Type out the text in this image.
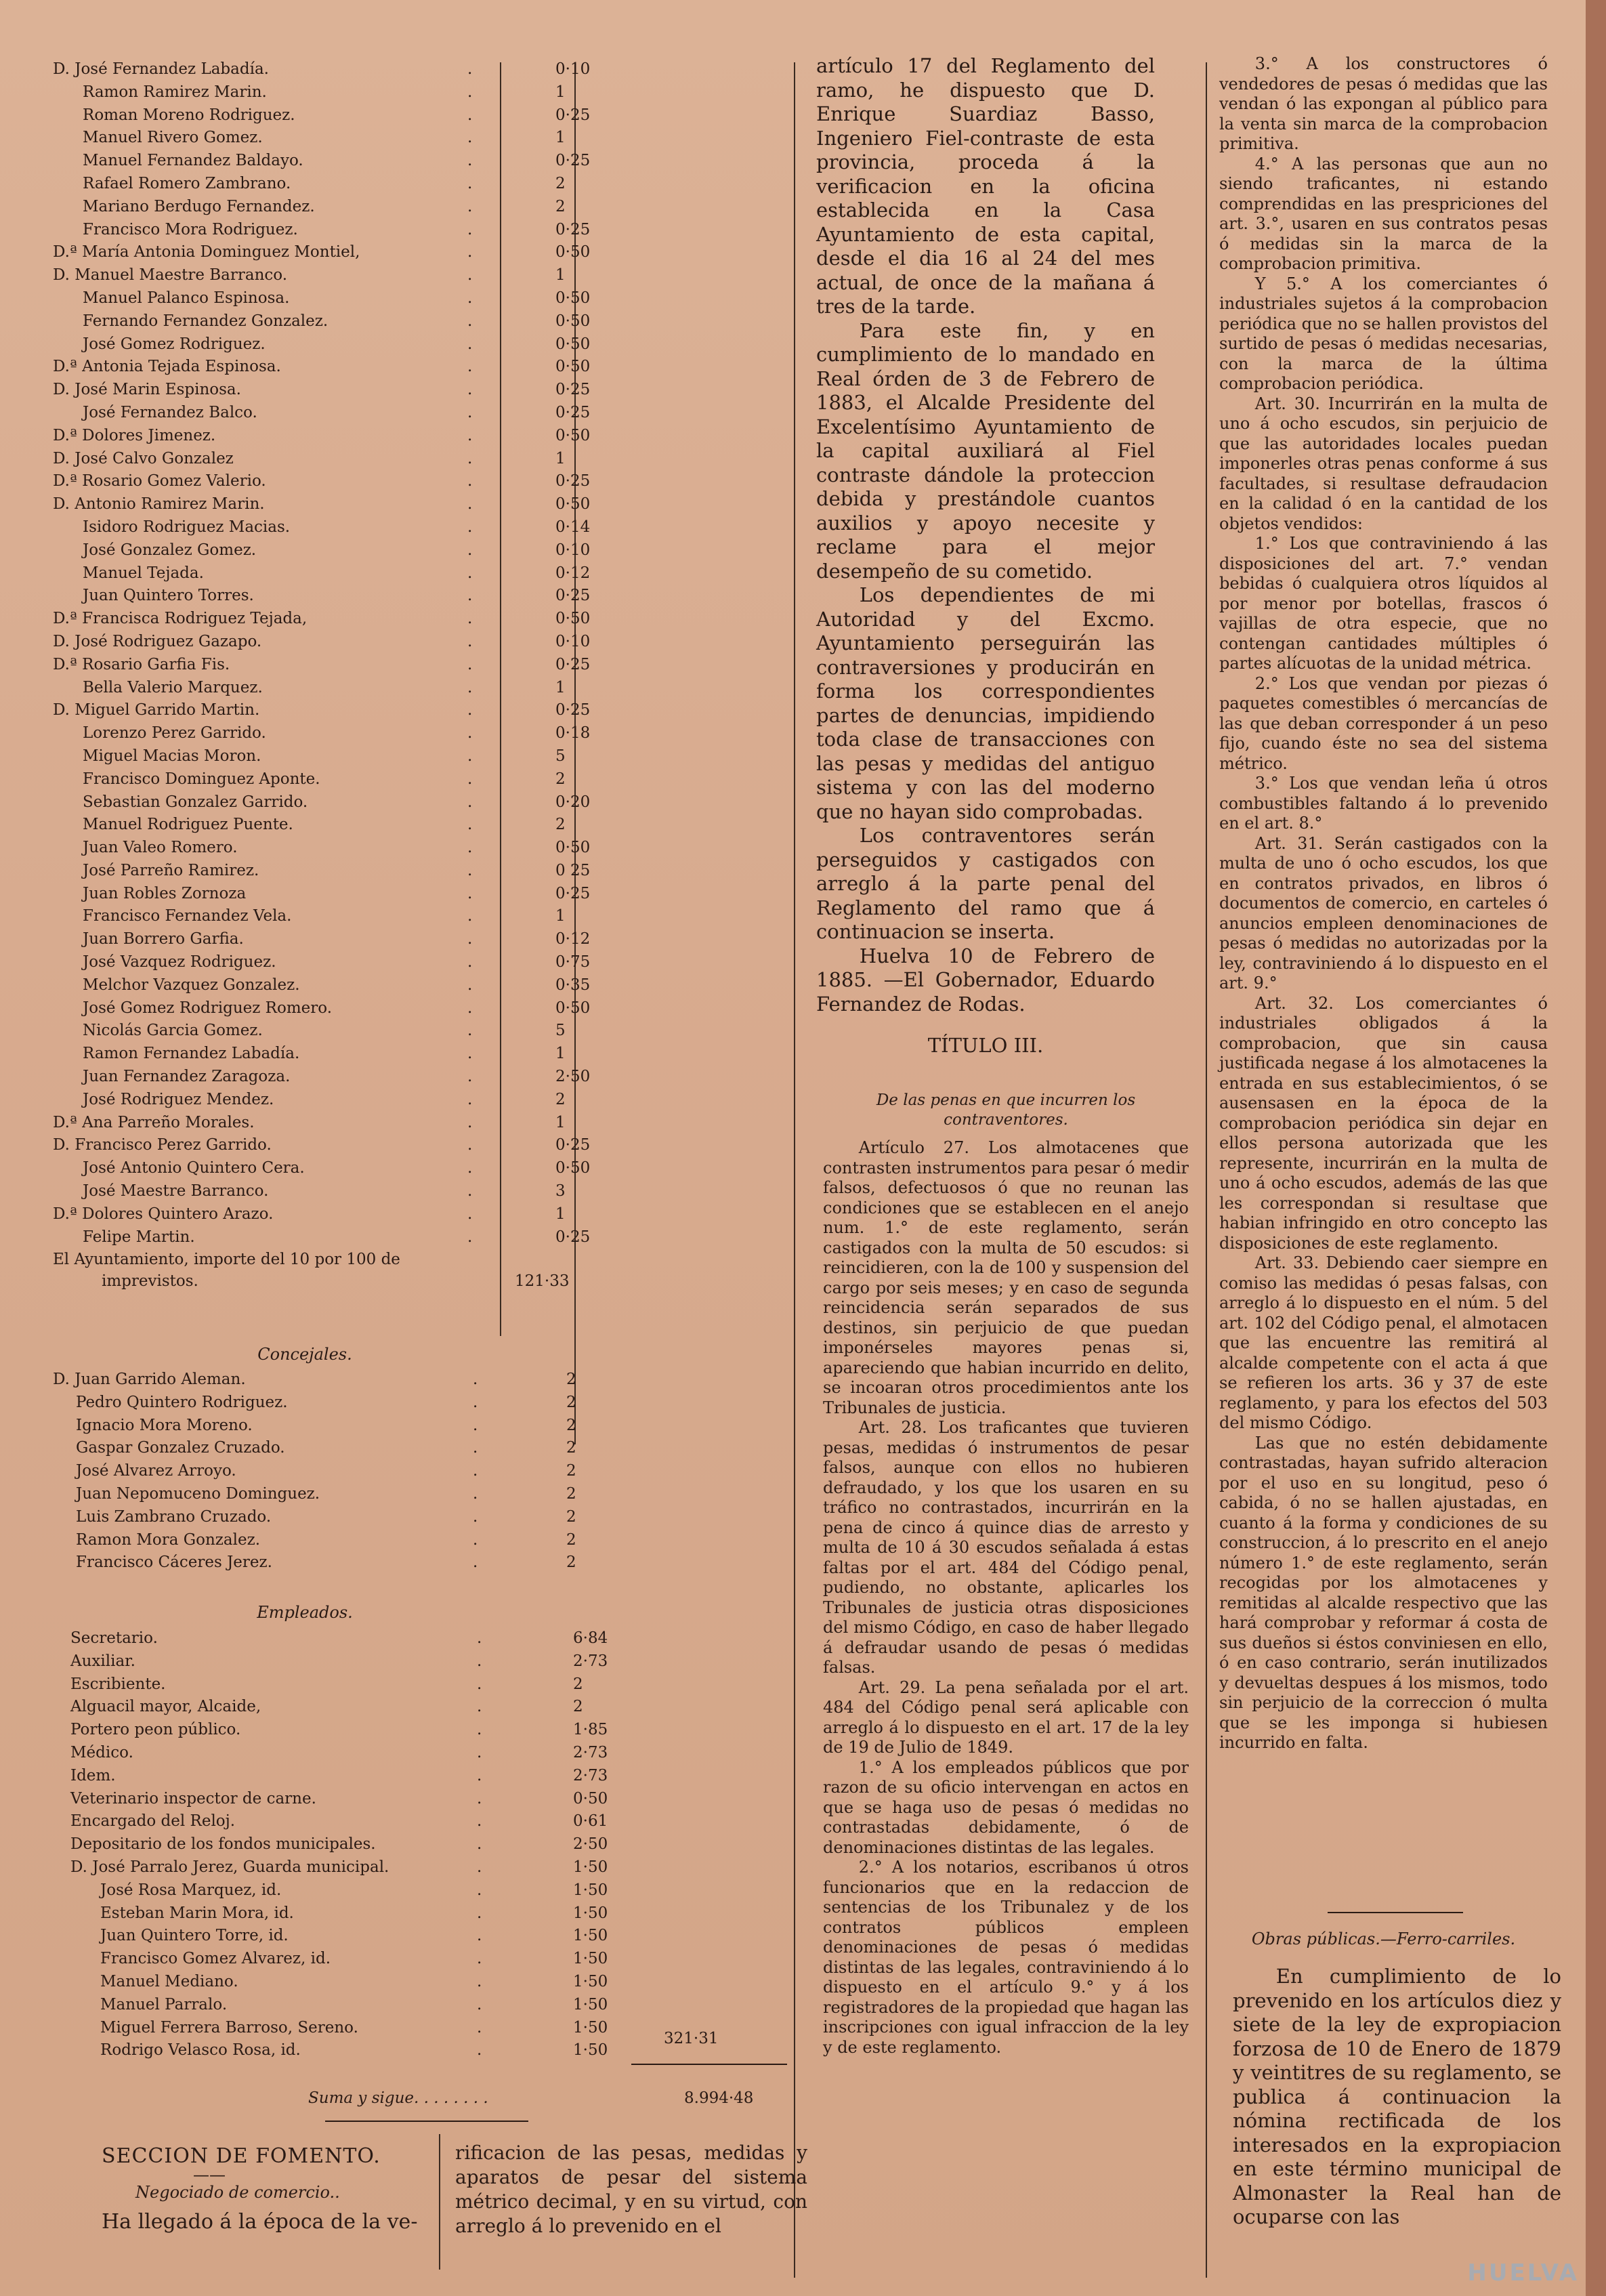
D. José Fernandez Labadía.	.	0·10
Ramon Ramirez Marin.	.	1
Roman Moreno Rodriguez.	.	0·25
Manuel Rivero Gomez.	.	1
Manuel Fernandez Baldayo.	.	0·25
Rafael Romero Zambrano.	.	2
Mariano Berdugo Fernandez.	.	2
Francisco Mora Rodriguez.	.	0·25
D.ª María Antonia Dominguez Montiel,	.	0·50
D. Manuel Maestre Barranco.	.	1
Manuel Palanco Espinosa.	.	0·50
Fernando Fernandez Gonzalez.	.	0·50
José Gomez Rodriguez.	.	0·50
D.ª Antonia Tejada Espinosa.	.	0·50
D. José Marin Espinosa.	.	0·25
José Fernandez Balco.	.	0·25
D.ª Dolores Jimenez.	.	0·50
D. José Calvo Gonzalez	.	1
D.ª Rosario Gomez Valerio.	.	0·25
D. Antonio Ramirez Marin.	.	0·50
Isidoro Rodriguez Macias.	.	0·14
José Gonzalez Gomez.	.	0·10
Manuel Tejada.	.	0·12
Juan Quintero Torres.	.	0·25
D.ª Francisca Rodriguez Tejada,	.	0·50
D. José Rodriguez Gazapo.	.	0·10
D.ª Rosario Garfia Fis.	.	0·25
Bella Valerio Marquez.	.	1
D. Miguel Garrido Martin.	.	0·25
Lorenzo Perez Garrido.	.	0·18
Miguel Macias Moron.	.	5
Francisco Dominguez Aponte.	.	2
Sebastian Gonzalez Garrido.	.	0·20
Manuel Rodriguez Puente.	.	2
Juan Valeo Romero.	.	0·50
José Parreño Ramirez.	.	0 25
Juan Robles Zornoza	.	0·25
Francisco Fernandez Vela.	.	1
Juan Borrero Garfia.	.	0·12
José Vazquez Rodriguez.	.	0·75
Melchor Vazquez Gonzalez.	.	0·35
José Gomez Rodriguez Romero.	.	0·50
Nicolás Garcia Gomez.	.	5
Ramon Fernandez Labadía.	.	1
Juan Fernandez Zaragoza.	.	2·50
José Rodriguez Mendez.	.	2
D.ª Ana Parreño Morales.	.	1
D. Francisco Perez Garrido.	.	0·25
José Antonio Quintero Cera.	.	0·50
José Maestre Barranco.	.	3
D.ª Dolores Quintero Arazo.	.	1
Felipe Martin.	.	0·25
El Ayuntamiento, importe del 10 por 100 de
imprevistos.	121·33
Concejales.
D. Juan Garrido Aleman.	.	2
Pedro Quintero Rodriguez.	.	2
Ignacio Mora Moreno.	.	2
Gaspar Gonzalez Cruzado.	.	2
José Alvarez Arroyo.	.	2
Juan Nepomuceno Dominguez.	.	2
Luis Zambrano Cruzado.	.	2
Ramon Mora Gonzalez.	.	2
Francisco Cáceres Jerez.	.	2
Empleados.
Secretario.	.	6·84
Auxiliar.	.	2·73
Escribiente.	.	2
Alguacil mayor, Alcaide,	.	2
Portero peon público.	.	1·85
Médico.	.	2·73
Idem.	.	2·73
Veterinario inspector de carne.	.	0·50
Encargado del Reloj.	.	0·61
Depositario de los fondos municipales.	.	2·50
D. José Parralo Jerez, Guarda municipal.	.	1·50
José Rosa Marquez, id.	.	1·50
Esteban Marin Mora, id.	.	1·50
Juan Quintero Torre, id.	.	1·50
Francisco Gomez Alvarez, id.	.	1·50
Manuel Mediano.	.	1·50
Manuel Parralo.	.	1·50
Miguel Ferrera Barroso, Sereno.	.	1·50
Rodrigo Velasco Rosa, id.	.	1·50
321·31
Suma y sigue. . . . . . . .	8.994·48
SECCION DE FOMENTO.
——
Negociado de comercio..
Ha llegado á la época de la ve-
rificacion de las pesas, medidas y aparatos de pesar del sistema métrico decimal, y en su virtud, con arreglo á lo prevenido en el

artículo 17 del Reglamento del ramo, he dispuesto que D. Enrique Suardiaz Basso, Ingeniero Fiel-contraste de esta provincia, proceda á la verificacion en la oficina establecida en la Casa Ayuntamiento de esta capital, desde el dia 16 al 24 del mes actual, de once de la mañana á tres de la tarde.

Para este fin, y en cumplimiento de lo mandado en Real órden de 3 de Febrero de 1883, el Alcalde Presidente del Excelentísimo Ayuntamiento de la capital auxiliará al Fiel contraste dándole la proteccion debida y prestándole cuantos auxilios y apoyo necesite y reclame para el mejor desempeño de su cometido.

Los dependientes de mi Autoridad y del Excmo. Ayuntamiento perseguirán las contraversiones y producirán en forma los correspondientes partes de denuncias, impidiendo toda clase de transacciones con las pesas y medidas del antiguo sistema y con las del moderno que no hayan sido comprobadas.

Los contraventores serán perseguidos y castigados con arreglo á la parte penal del Reglamento del ramo que á continuacion se inserta.

Huelva 10 de Febrero de 1885. —El Gobernador, Eduardo Fernandez de Rodas.

TÍTULO III.

De las penas en que incurren los contraventores.

Artículo 27. Los almotacenes que contrasten instrumentos para pesar ó medir falsos, defectuosos ó que no reunan las condiciones que se establecen en el anejo num. 1.° de este reglamento, serán castigados con la multa de 50 escudos: si reincidieren, con la de 100 y suspension del cargo por seis meses; y en caso de segunda reincidencia serán separados de sus destinos, sin perjuicio de que puedan imponérseles mayores penas si, apareciendo que habian incurrido en delito, se incoaran otros procedimientos ante los Tribunales de justicia.

Art. 28. Los traficantes que tuvieren pesas, medidas ó instrumentos de pesar falsos, aunque con ellos no hubieren defraudado, y los que los usaren en su tráfico no contrastados, incurrirán en la pena de cinco á quince dias de arresto y multa de 10 á 30 escudos señalada á estas faltas por el art. 484 del Código penal, pudiendo, no obstante, aplicarles los Tribunales de justicia otras disposiciones del mismo Código, en caso de haber llegado á defraudar usando de pesas ó medidas falsas.

Art. 29. La pena señalada por el art. 484 del Código penal será aplicable con arreglo á lo dispuesto en el art. 17 de la ley de 19 de Julio de 1849.

1.° A los empleados públicos que por razon de su oficio intervengan en actos en que se haga uso de pesas ó medidas no contrastadas debidamente, ó de denominaciones distintas de las legales.

2.° A los notarios, escribanos ú otros funcionarios que en la redaccion de sentencias de los Tribunalez y de los contratos públicos empleen denominaciones de pesas ó medidas distintas de las legales, contraviniendo á lo dispuesto en el artículo 9.° y á los registradores de la propiedad que hagan las inscripciones con igual infraccion de la ley y de este reglamento.

3.° A los constructores ó vendedores de pesas ó medidas que las vendan ó las expongan al público para la venta sin marca de la comprobacion primitiva.

4.° A las personas que aun no siendo traficantes, ni estando comprendidas en las prespriciones del art. 3.°, usaren en sus contratos pesas ó medidas sin la marca de la comprobacion primitiva.

Y 5.° A los comerciantes ó industriales sujetos á la comprobacion periódica que no se hallen provistos del surtido de pesas ó medidas necesarias, con la marca de la última comprobacion periódica.

Art. 30. Incurrirán en la multa de uno á ocho escudos, sin perjuicio de que las autoridades locales puedan imponerles otras penas conforme á sus facultades, si resultase defraudacion en la calidad ó en la cantidad de los objetos vendidos:

1.° Los que contraviniendo á las disposiciones del art. 7.° vendan bebidas ó cualquiera otros líquidos al por menor por botellas, frascos ó vajillas de otra especie, que no contengan cantidades múltiples ó partes alícuotas de la unidad métrica.

2.° Los que vendan por piezas ó paquetes comestibles ó mercancías de las que deban corresponder á un peso fijo, cuando éste no sea del sistema métrico.

3.° Los que vendan leña ú otros combustibles faltando á lo prevenido en el art. 8.°

Art. 31. Serán castigados con la multa de uno ó ocho escudos, los que en contratos privados, en libros ó documentos de comercio, en carteles ó anuncios empleen denominaciones de pesas ó medidas no autorizadas por la ley, contraviniendo á lo dispuesto en el art. 9.°

Art. 32. Los comerciantes ó industriales obligados á la comprobacion, que sin causa justificada negase á los almotacenes la entrada en sus establecimientos, ó se ausensasen en la época de la comprobacion periódica sin dejar en ellos persona autorizada que les represente, incurrirán en la multa de uno á ocho escudos, además de las que les correspondan si resultase que habian infringido en otro concepto las disposiciones de este reglamento.

Art. 33. Debiendo caer siempre en comiso las medidas ó pesas falsas, con arreglo á lo dispuesto en el núm. 5 del art. 102 del Código penal, el almotacen que las encuentre las remitirá al alcalde competente con el acta á que se refieren los arts. 36 y 37 de este reglamento, y para los efectos del 503 del mismo Código.

Las que no estén debidamente contrastadas, hayan sufrido alteracion por el uso en su longitud, peso ó cabida, ó no se hallen ajustadas, en cuanto á la forma y condiciones de su construccion, á lo prescrito en el anejo número 1.° de este reglamento, serán recogidas por los almotacenes y remitidas al alcalde respectivo que las hará comprobar y reformar á costa de sus dueños si éstos conviniesen en ello, ó en caso contrario, serán inutilizados y devueltas despues á los mismos, todo sin perjuicio de la correccion ó multa que se les imponga si hubiesen incurrido en falta.

Obras públicas.—Ferro-carriles.

En cumplimiento de lo prevenido en los artículos diez y siete de la ley de expropiacion forzosa de 10 de Enero de 1879 y veintitres de su reglamento, se publica á continuacion la nómina rectificada de los interesados en la expropiacion en este término municipal de Almonaster la Real han de ocuparse con las

HUELVA
